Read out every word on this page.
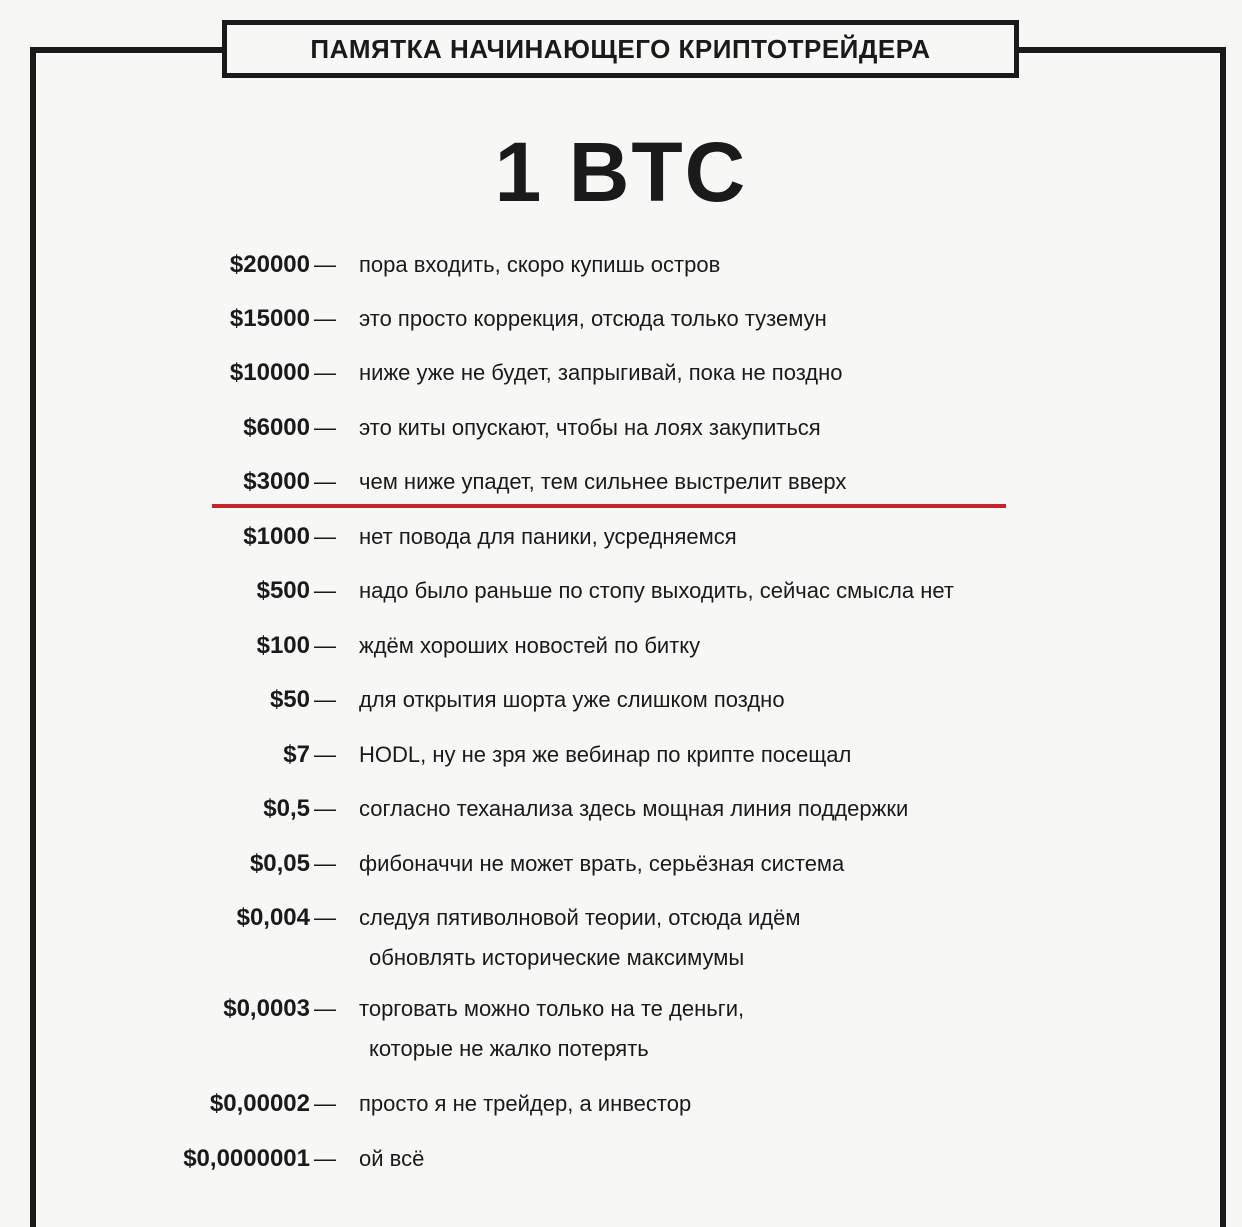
ПАМЯТКА НАЧИНАЮЩЕГО КРИПТОТРЕЙДЕРА
1 BTC
$20000 — пора входить, скоро купишь остров
$15000 — это просто коррекция, отсюда только туземун
$10000 — ниже уже не будет, запрыгивай, пока не поздно
$6000 — это киты опускают, чтобы на лоях закупиться
$3000 — чем ниже упадет, тем сильнее выстрелит вверх
$1000 — нет повода для паники, усредняемся
$500 — надо было раньше по стопу выходить, сейчас смысла нет
$100 — ждём хороших новостей по битку
$50 — для открытия шорта уже слишком поздно
$7 — HODL, ну не зря же вебинар по крипте посещал
$0,5 — согласно теханализа здесь мощная линия поддержки
$0,05 — фибоначчи не может врать, серьёзная система
$0,004 — следуя пятиволновой теории, отсюда идём
обновлять исторические максимумы
$0,0003 — торговать можно только на те деньги,
которые не жалко потерять
$0,00002 — просто я не трейдер, а инвестор
$0,0000001 — ой всё
